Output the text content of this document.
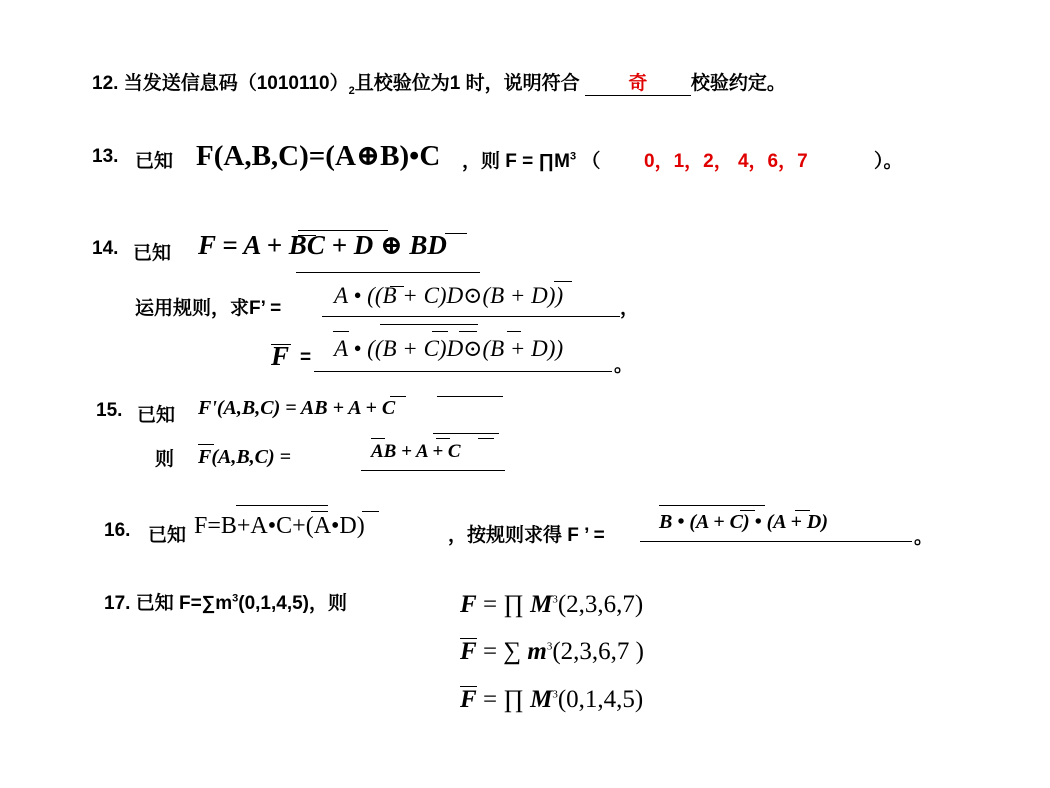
12. 当发送信息码$(1010110)_2$且校验位为1 时，说明符合	奇 校验约定。
13. 已知 F(A,B,C)=(A⊕B)•C ，则 $F = \prod M^3$ （ 0，1，2， 4，6，7	）。
14. 已知 F = A + BC + D ⊕ BD
运用规则，求F’ =
A • ((B + C)D⊙(B + D))
，
F = A • ((B + C)D⊙(B + D))
。
15. 已知 F'(A,B,C) = AB + A + C
则 F(A,B,C) =	AB + A + C
16. 已知 F=B+A•C+(A•D)	，按规则求得 F ’ =
B • (A + C) • (A + D)
。
17. 已知 $F=\sum m^3(0,1,4,5)$，则	F = ∏ $M^3(2,3,6,7)$
F = ∑ $m^3(2,3,6,7$ )
F = ∏ $M^3(0,1,4,5)$
